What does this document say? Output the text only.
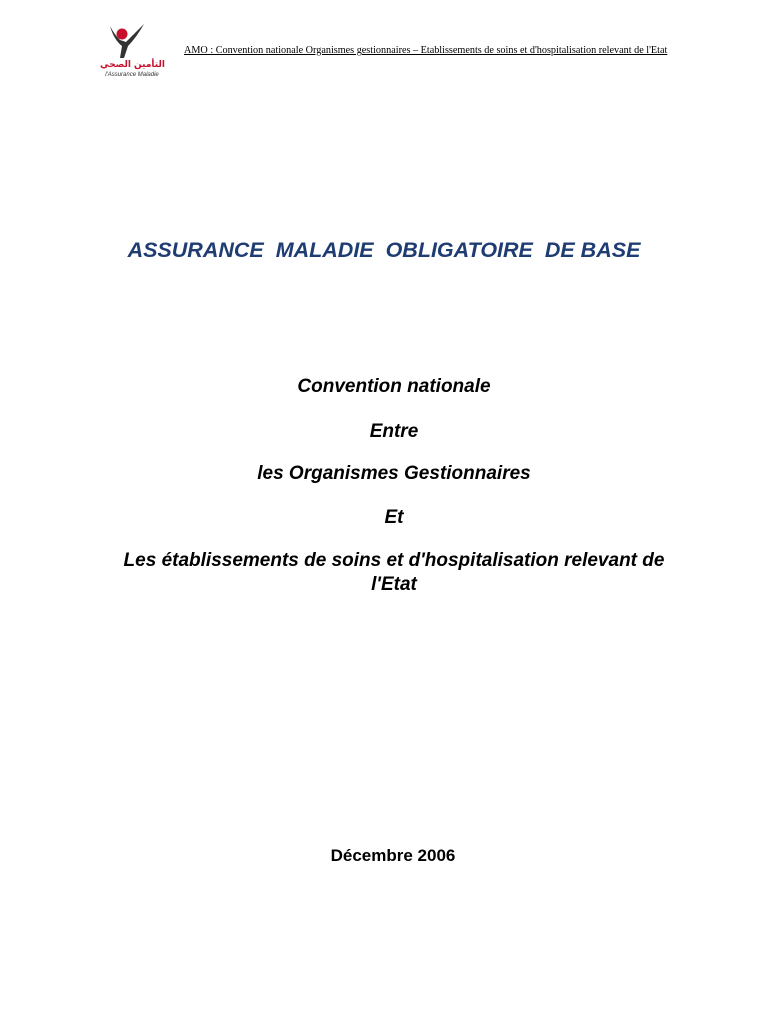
التأمين الصحي
l'Assurance Maladie
AMO : Convention nationale Organismes gestionnaires – Etablissements de soins et d'hospitalisation relevant de l'Etat
ASSURANCE  MALADIE  OBLIGATOIRE  DE BASE
Convention nationale
Entre
les Organismes Gestionnaires
Et
Les établissements de soins et d'hospitalisation relevant de l'Etat
Décembre 2006
